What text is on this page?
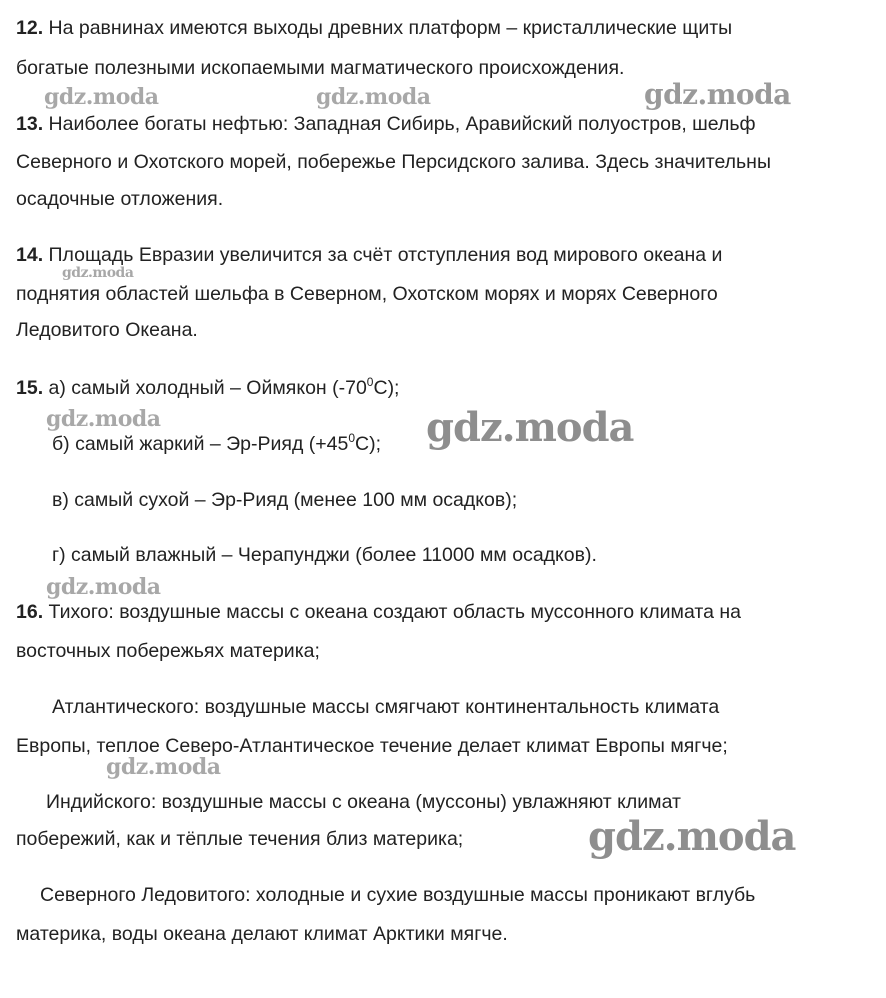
12. На равнинах имеются выходы древних платформ – кристаллические щиты

богатые полезными ископаемыми магматического происхождения.

13. Наиболее богаты нефтью: Западная Сибирь, Аравийский полуостров, шельф

Северного и Охотского морей, побережье Персидского залива. Здесь значительны

осадочные отложения.

14. Площадь Евразии увеличится за счёт отступления вод мирового океана и

поднятия областей шельфа в Северном, Охотском морях и морях Северного

Ледовитого Океана.

15. а) самый холодный – Оймякон $(-70^0С)$;

б) самый жаркий – Эр-Рияд $(+45^0С)$;

в) самый сухой – Эр-Рияд (менее 100 мм осадков);

г) самый влажный – Черапунджи (более 11000 мм осадков).

16. Тихого: воздушные массы с океана создают область муссонного климата на

восточных побережьях материка;

Атлантического: воздушные массы смягчают континентальность климата

Европы, теплое Северо-Атлантическое течение делает климат Европы мягче;

Индийского: воздушные массы с океана (муссоны) увлажняют климат

побережий, как и тёплые течения близ материка;

Северного Ледовитого: холодные и сухие воздушные массы проникают вглубь

материка, воды океана делают климат Арктики мягче.

gdz.moda	gdz.moda	gdz.moda
gdz.moda
gdz.moda	gdz.moda
gdz.moda
gdz.moda
gdz.moda
